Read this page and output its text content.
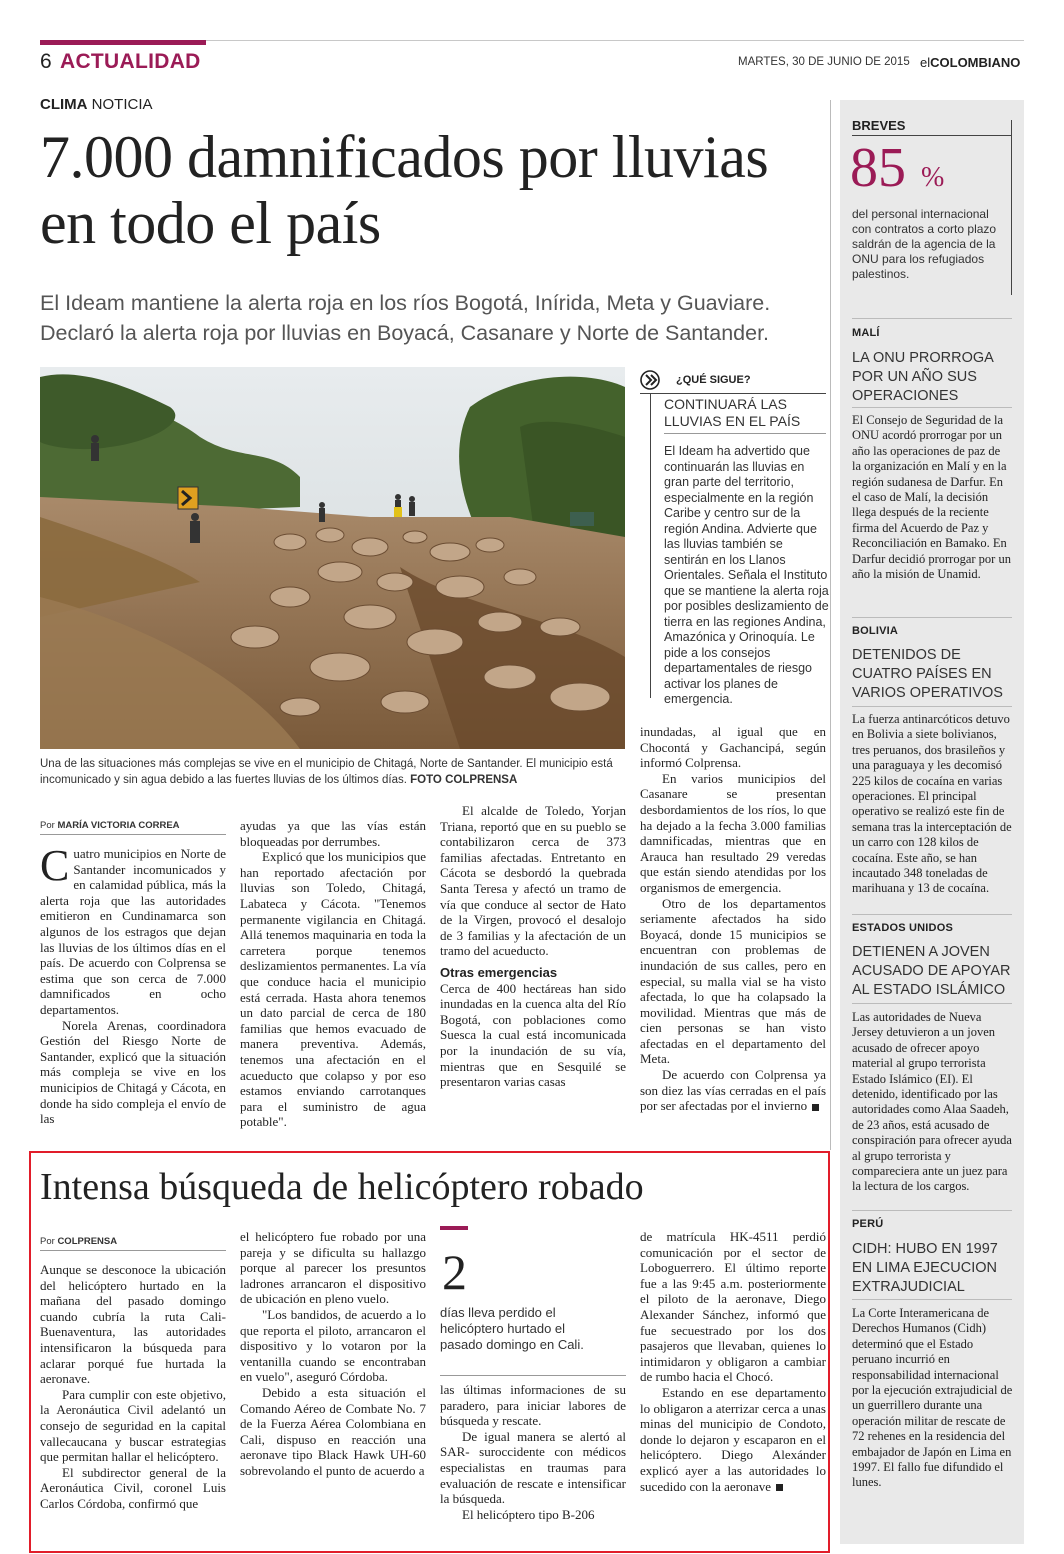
6 ACTUALIDAD	MARTES, 30 DE JUNIO DE 2015 elCOLOMBIANO
CLIMA NOTICIA
7.000 damnificados por lluvias en todo el país
El Ideam mantiene la alerta roja en los ríos Bogotá, Inírida, Meta y Guaviare. Declaró la alerta roja por lluvias en Boyacá, Casanare y Norte de Santander.
Una de las situaciones más complejas se vive en el municipio de Chitagá, Norte de Santander. El municipio está incomunicado y sin agua debido a las fuertes lluvias de los últimos días. FOTO COLPRENSA
¿QUÉ SIGUE?
CONTINUARÁ LAS LLUVIAS EN EL PAÍS
El Ideam ha advertido que continuarán las lluvias en gran parte del territorio, especialmente en la región Caribe y centro sur de la región Andina. Advierte que las lluvias también se sentirán en los Llanos Orientales. Señala el Instituto que se mantiene la alerta roja por posibles deslizamiento de tierra en las regiones Andina, Amazónica y Orinoquía. Le pide a los consejos departamentales de riesgo activar los planes de emergencia.
Por MARÍA VICTORIA CORREA

Cuatro municipios en Norte de Santander incomunicados y en calamidad pública, más la alerta roja que las autoridades emitieron en Cundinamarca son algunos de los estragos que dejan las lluvias de los últimos días en el país. De acuerdo con Colprensa se estima que son cerca de 7.000 damnificados en ocho departamentos.

Norela Arenas, coordinadora Gestión del Riesgo Norte de Santander, explicó que la situación más compleja se vive en los municipios de Chitagá y Cácota, en donde ha sido compleja el envío de las

ayudas ya que las vías están bloqueadas por derrumbes.

Explicó que los municipios que han reportado afectación por lluvias son Toledo, Chitagá, Labateca y Cácota. "Tenemos permanente vigilancia en Chitagá. Allá tenemos maquinaria en toda la carretera porque tenemos deslizamientos permanentes. La vía que conduce hacia el municipio está cerrada. Hasta ahora tenemos un dato parcial de cerca de 180 familias que hemos evacuado de manera preventiva. Además, tenemos una afectación en el acueducto que colapso y por eso estamos enviando carrotanques para el suministro de agua potable".

El alcalde de Toledo, Yorjan Triana, reportó que en su pueblo se contabilizaron cerca de 373 familias afectadas. Entretanto en Cácota se desbordó la quebrada Santa Teresa y afectó un tramo de vía que conduce al sector de Hato de la Virgen, provocó el desalojo de 3 familias y la afectación de un tramo del acueducto.

Otras emergencias

Cerca de 400 hectáreas han sido inundadas en la cuenca alta del Río Bogotá, con poblaciones como Suesca la cual está incomunicada por la inundación de su vía, mientras que en Sesquilé se presentaron varias casas

inundadas, al igual que en Chocontá y Gachancipá, según informó Colprensa.

En varios municipios del Casanare se presentan desbordamientos de los ríos, lo que ha dejado a la fecha 3.000 familias damnificadas, mientras que en Arauca han resultado 29 veredas que están siendo atendidas por los organismos de emergencia.

Otro de los departamentos seriamente afectados ha sido Boyacá, donde 15 municipios se encuentran con problemas de inundación de sus calles, pero en especial, su malla vial se ha visto afectada, lo que ha colapsado la movilidad. Mientras que más de cien personas se han visto afectadas en el departamento del Meta.

De acuerdo con Colprensa ya son diez las vías cerradas en el país por ser afectadas por el invierno

BREVES
85 %
del personal internacional con contratos a corto plazo saldrán de la agencia de la ONU para los refugiados palestinos.
MALÍ
LA ONU PRORROGA POR UN AÑO SUS OPERACIONES
El Consejo de Seguridad de la ONU acordó prorrogar por un año las operaciones de paz de la organización en Malí y en la región sudanesa de Darfur. En el caso de Malí, la decisión llega después de la reciente firma del Acuerdo de Paz y Reconciliación en Bamako. En Darfur decidió prorrogar por un año la misión de Unamid.
BOLIVIA
DETENIDOS DE CUATRO PAÍSES EN VARIOS OPERATIVOS
La fuerza antinarcóticos detuvo en Bolivia a siete bolivianos, tres peruanos, dos brasileños y una paraguaya y les decomisó 225 kilos de cocaína en varias operaciones. El principal operativo se realizó este fin de semana tras la interceptación de un carro con 128 kilos de cocaína. Este año, se han incautado 348 toneladas de marihuana y 13 de cocaína.
ESTADOS UNIDOS
DETIENEN A JOVEN ACUSADO DE APOYAR AL ESTADO ISLÁMICO
Las autoridades de Nueva Jersey detuvieron a un joven acusado de ofrecer apoyo material al grupo terrorista Estado Islámico (EI). El detenido, identificado por las autoridades como Alaa Saadeh, de 23 años, está acusado de conspiración para ofrecer ayuda al grupo terrorista y compareciera ante un juez para la lectura de los cargos.
PERÚ
CIDH: HUBO EN 1997 EN LIMA EJECUCION EXTRAJUDICIAL
La Corte Interamericana de Derechos Humanos (Cidh) determinó que el Estado peruano incurrió en responsabilidad internacional por la ejecución extrajudicial de un guerrillero durante una operación militar de rescate de 72 rehenes en la residencia del embajador de Japón en Lima en 1997. El fallo fue difundido el lunes.
Intensa búsqueda de helicóptero robado
Por COLPRENSA

Aunque se desconoce la ubicación del helicóptero hurtado en la mañana del pasado domingo cuando cubría la ruta Cali-Buenaventura, las autoridades intensificaron la búsqueda para aclarar porqué fue hurtada la aeronave.

Para cumplir con este objetivo, la Aeronáutica Civil adelantó un consejo de seguridad en la capital vallecaucana y buscar estrategias que permitan hallar el helicóptero.

El subdirector general de la Aeronáutica Civil, coronel Luis Carlos Córdoba, confirmó que

el helicóptero fue robado por una pareja y se dificulta su hallazgo porque al parecer los presuntos ladrones arrancaron el dispositivo de ubicación en pleno vuelo.

"Los bandidos, de acuerdo a lo que reporta el piloto, arrancaron el dispositivo y lo votaron por la ventanilla cuando se encontraban en vuelo", aseguró Córdoba.

Debido a esta situación el Comando Aéreo de Combate No. 7 de la Fuerza Aérea Colombiana en Cali, dispuso en reacción una aeronave tipo Black Hawk UH-60 sobrevolando el punto de acuerdo a

2
días lleva perdido el helicóptero hurtado el pasado domingo en Cali.

las últimas informaciones de su paradero, para iniciar labores de búsqueda y rescate.

De igual manera se alertó al SAR- suroccidente con médicos especialistas en traumas para evaluación de rescate e intensificar la búsqueda.

El helicóptero tipo B-206

de matrícula HK-4511 perdió comunicación por el sector de Loboguerrero. El último reporte fue a las 9:45 a.m. posteriormente el piloto de la aeronave, Diego Alexander Sánchez, informó que fue secuestrado por los dos pasajeros que llevaban, quienes lo intimidaron y obligaron a cambiar de rumbo hacia el Chocó.

Estando en ese departamento lo obligaron a aterrizar cerca a unas minas del municipio de Condoto, donde lo dejaron y escaparon en el helicóptero. Diego Alexánder explicó ayer a las autoridades lo sucedido con la aeronave
